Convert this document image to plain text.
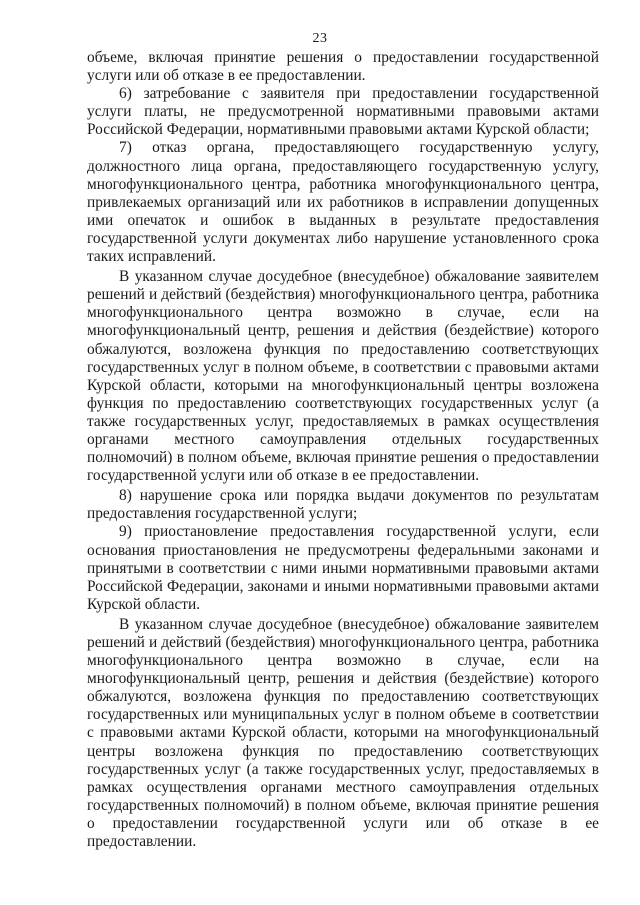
23

объеме, включая принятие решения о предоставлении государственной услуги или об отказе в ее предоставлении.

6) затребование с заявителя при предоставлении государственной услуги платы, не предусмотренной нормативными правовыми актами Российской Федерации, нормативными правовыми актами Курской области;

7) отказ органа, предоставляющего государственную услугу, должностного лица органа, предоставляющего государственную услугу, многофункционального центра, работника многофункционального центра, привлекаемых организаций или их работников в исправлении допущенных ими опечаток и ошибок в выданных в результате предоставления государственной услуги документах либо нарушение установленного срока таких исправлений.

В указанном случае досудебное (внесудебное) обжалование заявителем решений и действий (бездействия) многофункционального центра, работника многофункционального центра возможно в случае, если на многофункциональный центр, решения и действия (бездействие) которого обжалуются, возложена функция по предоставлению соответствующих государственных услуг в полном объеме, в соответствии с правовыми актами Курской области, которыми на многофункциональный центры возложена функция по предоставлению соответствующих государственных услуг (а также государственных услуг, предоставляемых в рамках осуществления органами местного самоуправления отдельных государственных полномочий) в полном объеме, включая принятие решения о предоставлении государственной услуги или об отказе в ее предоставлении.

8) нарушение срока или порядка выдачи документов по результатам предоставления государственной услуги;

9) приостановление предоставления государственной услуги, если основания приостановления не предусмотрены федеральными законами и принятыми в соответствии с ними иными нормативными правовыми актами Российской Федерации, законами и иными нормативными правовыми актами Курской области.

В указанном случае досудебное (внесудебное) обжалование заявителем решений и действий (бездействия) многофункционального центра, работника многофункционального центра возможно в случае, если на многофункциональный центр, решения и действия (бездействие) которого обжалуются, возложена функция по предоставлению соответствующих государственных или муниципальных услуг в полном объеме в соответствии с правовыми актами Курской области, которыми на многофункциональный центры возложена функция по предоставлению соответствующих государственных услуг (а также государственных услуг, предоставляемых в рамках осуществления органами местного самоуправления отдельных государственных полномочий) в полном объеме, включая принятие решения о предоставлении государственной услуги или об отказе в ее предоставлении.
